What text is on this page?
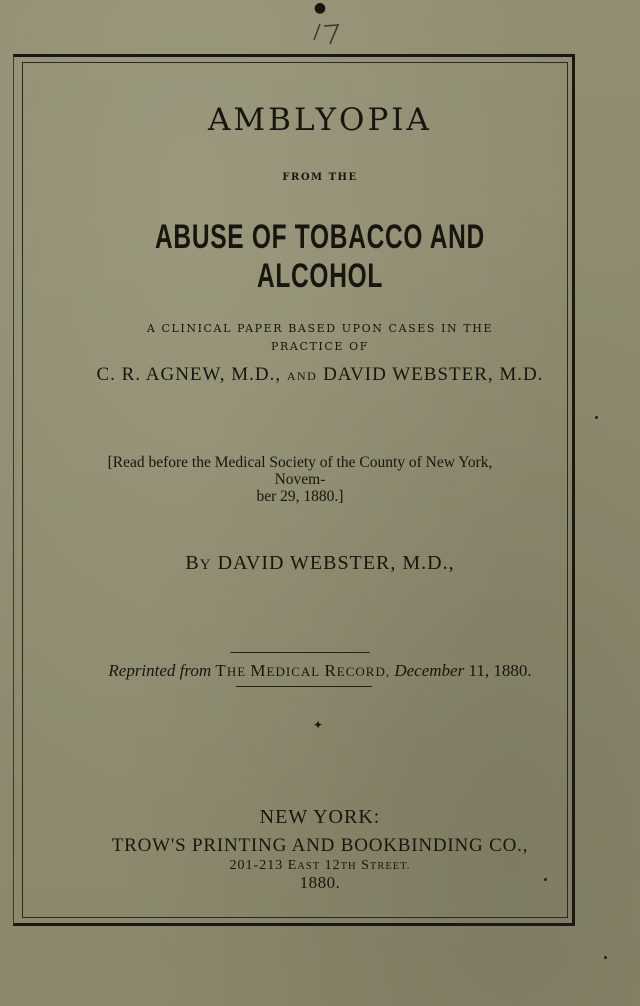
AMBLYOPIA
FROM THE
●
ABUSE OF TOBACCO AND ALCOHOL
A CLINICAL PAPER BASED UPON CASES IN THE
PRACTICE OF
C. R. AGNEW, M.D., AND DAVID WEBSTER, M.D.
[Read before the Medical Society of the County of New York, Novem-
ber 29, 1880.]
BY DAVID WEBSTER, M.D.,
Reprinted from THE MEDICAL RECORD, December 11, 1880.
✦
NEW YORK:
TROW'S PRINTING AND BOOKBINDING CO.,
201-213 EAST 12TH STREET.
1880.
